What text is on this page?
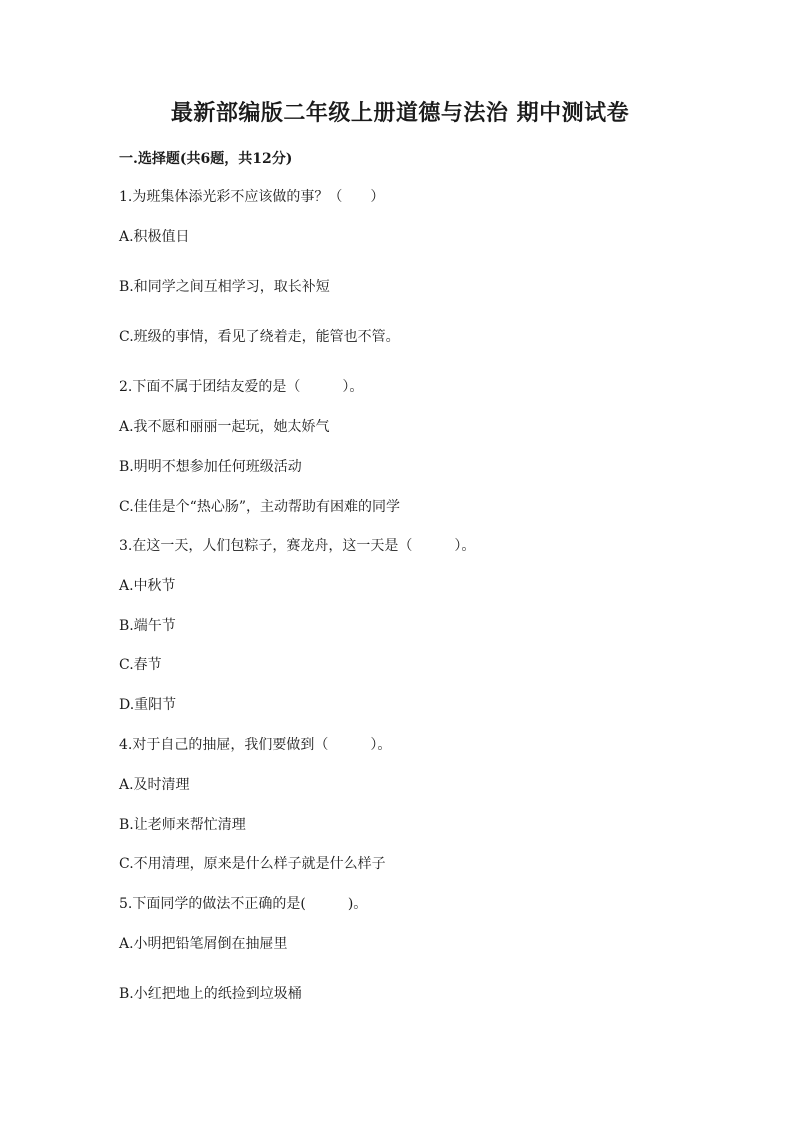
最新部编版二年级上册道德与法治 期中测试卷
一.选择题(共6题，共12分)
1.为班集体添光彩不应该做的事？（　　）
A.积极值日
B.和同学之间互相学习，取长补短
C.班级的事情，看见了绕着走，能管也不管。
2.下面不属于团结友爱的是（　　　）。
A.我不愿和丽丽一起玩，她太娇气
B.明明不想参加任何班级活动
C.佳佳是个“热心肠”，主动帮助有困难的同学
3.在这一天，人们包粽子，赛龙舟，这一天是（　　　）。
A.中秋节
B.端午节
C.春节
D.重阳节
4.对于自己的抽屉，我们要做到（　　　）。
A.及时清理
B.让老师来帮忙清理
C.不用清理，原来是什么样子就是什么样子
5.下面同学的做法不正确的是(　　　)。
A.小明把铅笔屑倒在抽屉里
B.小红把地上的纸捡到垃圾桶
